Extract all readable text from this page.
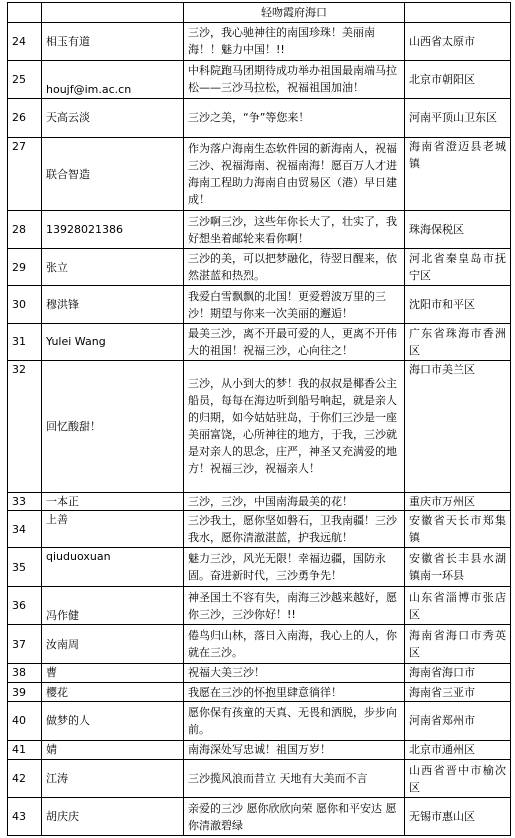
		轻吻霞府海口	
24	相玉有道	三沙，我心驰神往的南国珍珠！美丽南海！！魅力中国！!!	山西省太原市
25	houjf@im.ac.cn	中科院跑马团期待成功举办祖国最南端马拉松——三沙马拉松，祝福祖国加油！	北京市朝阳区
26	天高云淡	三沙之美，“争”等您来！	河南平顶山卫东区
27	联合智造	作为落户海南生态软件园的新海南人，祝福三沙、祝福海南、祝福南海！愿百万人才进海南工程助力海南自由贸易区（港）早日建成！	海南省澄迈县老城镇
28	13928021386	三沙啊三沙，这些年你长大了，壮实了，我好想坐着邮轮来看你啊！	珠海保税区
29	张立	三沙的美，可以把梦融化，待翌日醒来，依然湛蓝和热烈。	河北省秦皇岛市抚宁区
30	穆洪锋	我爱白雪飘飘的北国！更爱碧波万里的三沙！期望与你来一次美丽的邂逅！	沈阳市和平区
31	Yulei Wang	最美三沙，离不开最可爱的人，更离不开伟大的祖国！祝福三沙，心向往之！	广东省珠海市香洲区
32	回忆酸甜！	三沙，从小到大的梦！我的叔叔是椰香公主船员，每每在海边听到船号响起，就是亲人的归期，如今姑姑驻岛，于你们三沙是一座美丽富饶，心所神往的地方，于我，三沙就是对亲人的思念，庄严，神圣又充满爱的地方！祝福三沙，祝福亲人！	海口市美兰区
33	一本正	三沙，三沙，中国南海最美的花！	重庆市万州区
34	上善	三沙我土，愿你坚如磐石，卫我南疆！三沙我水，愿你清澈湛蓝，护我远航！	安徽省天长市郑集镇
35	qiuduoxuan	魅力三沙，风光无限！幸福边疆，国防永固。奋进新时代，三沙勇争先！	安徽省长丰县水湖镇南一环县
36	冯作健	神圣国土不容有失，南海三沙越来越好，愿你三沙，三沙你好！!!	山东省淄博市张店区
37	汝南周	倦鸟归山林，落日入南海，我心上的人，你就在三沙。	海南省海口市秀英区
38	曹	祝福大美三沙！	海南省海口市
39	樱花	我愿在三沙的怀抱里肆意徜徉！	海南省三亚市
40	做梦的人	愿你保有孩童的天真、无畏和洒脱，步步向前。	河南省郑州市
41	婧	南海深处写忠诚！祖国万岁！	北京市通州区
42	江涛	三沙揽风浪而昔立 天地有大美而不言	山西省晋中市榆次区
43	胡庆庆	亲爱的三沙 愿你欣欣向荣 愿你和平安达 愿你清澈碧绿	无锡市惠山区
